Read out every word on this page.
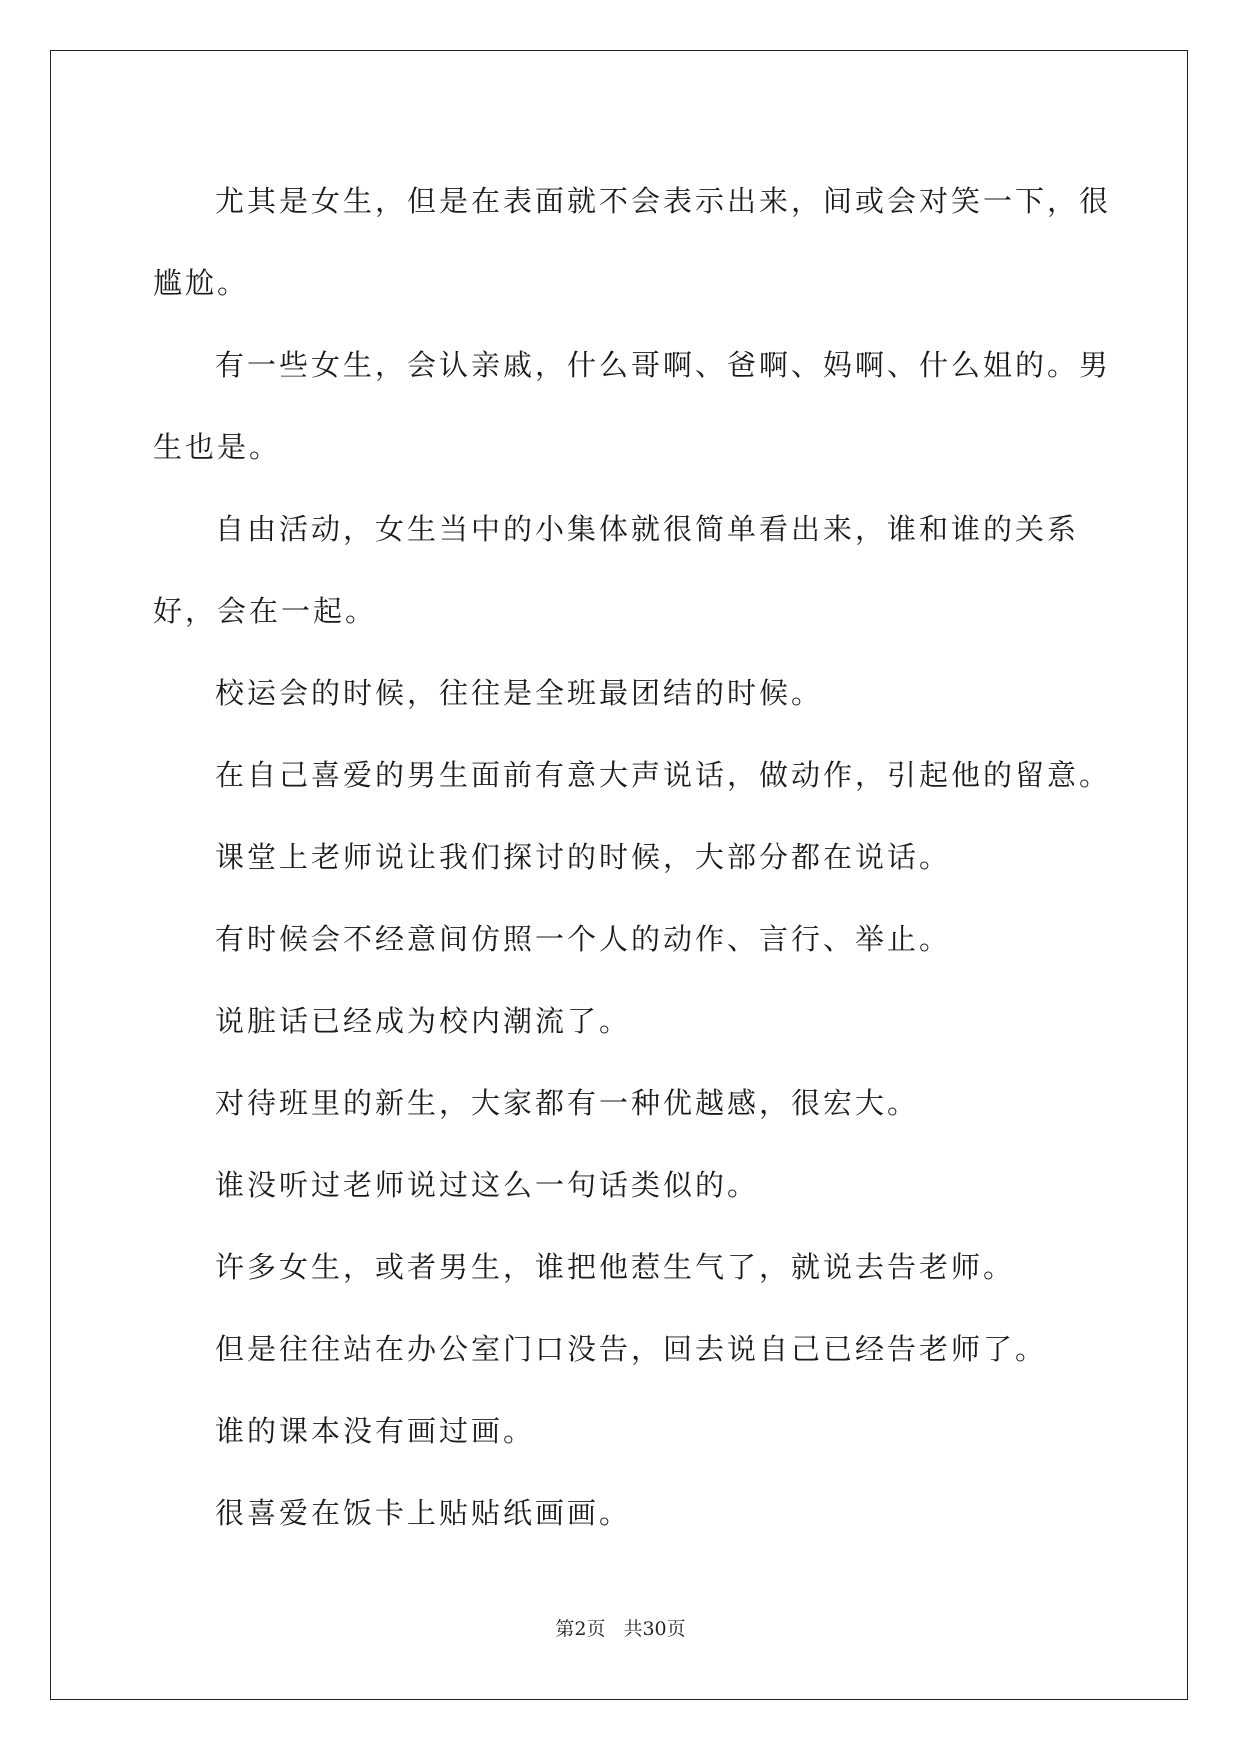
尤其是女生，但是在表面就不会表示出来，间或会对笑一下，很尴尬。

有一些女生，会认亲戚，什么哥啊、爸啊、妈啊、什么姐的。男生也是。

自由活动，女生当中的小集体就很简单看出来，谁和谁的关系好，会在一起。

校运会的时候，往往是全班最团结的时候。

在自己喜爱的男生面前有意大声说话，做动作，引起他的留意。

课堂上老师说让我们探讨的时候，大部分都在说话。

有时候会不经意间仿照一个人的动作、言行、举止。

说脏话已经成为校内潮流了。

对待班里的新生，大家都有一种优越感，很宏大。

谁没听过老师说过这么一句话类似的。

许多女生，或者男生，谁把他惹生气了，就说去告老师。

但是往往站在办公室门口没告，回去说自己已经告老师了。

谁的课本没有画过画。

很喜爱在饭卡上贴贴纸画画。

第2页 共30页
